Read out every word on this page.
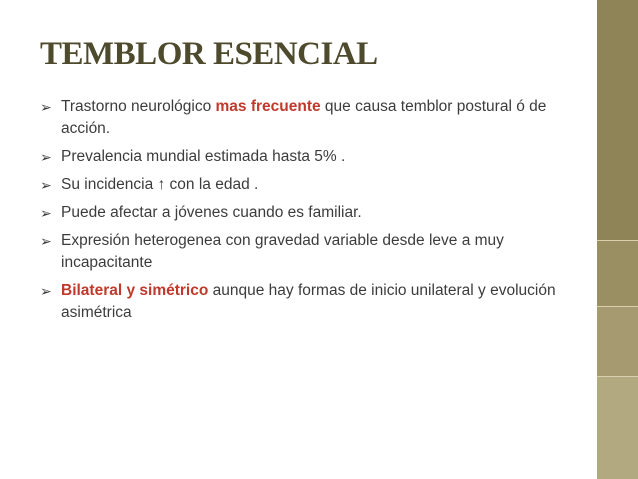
TEMBLOR ESENCIAL
➢ Trastorno neurológico mas frecuente que causa temblor postural ó de acción.
➢ Prevalencia mundial estimada hasta 5% .
➢ Su incidencia ↑ con la edad .
➢ Puede afectar a jóvenes cuando es familiar.
➢ Expresión heterogenea con gravedad variable desde leve a muy incapacitante
➢ Bilateral y simétrico aunque hay formas de inicio unilateral y evolución asimétrica
